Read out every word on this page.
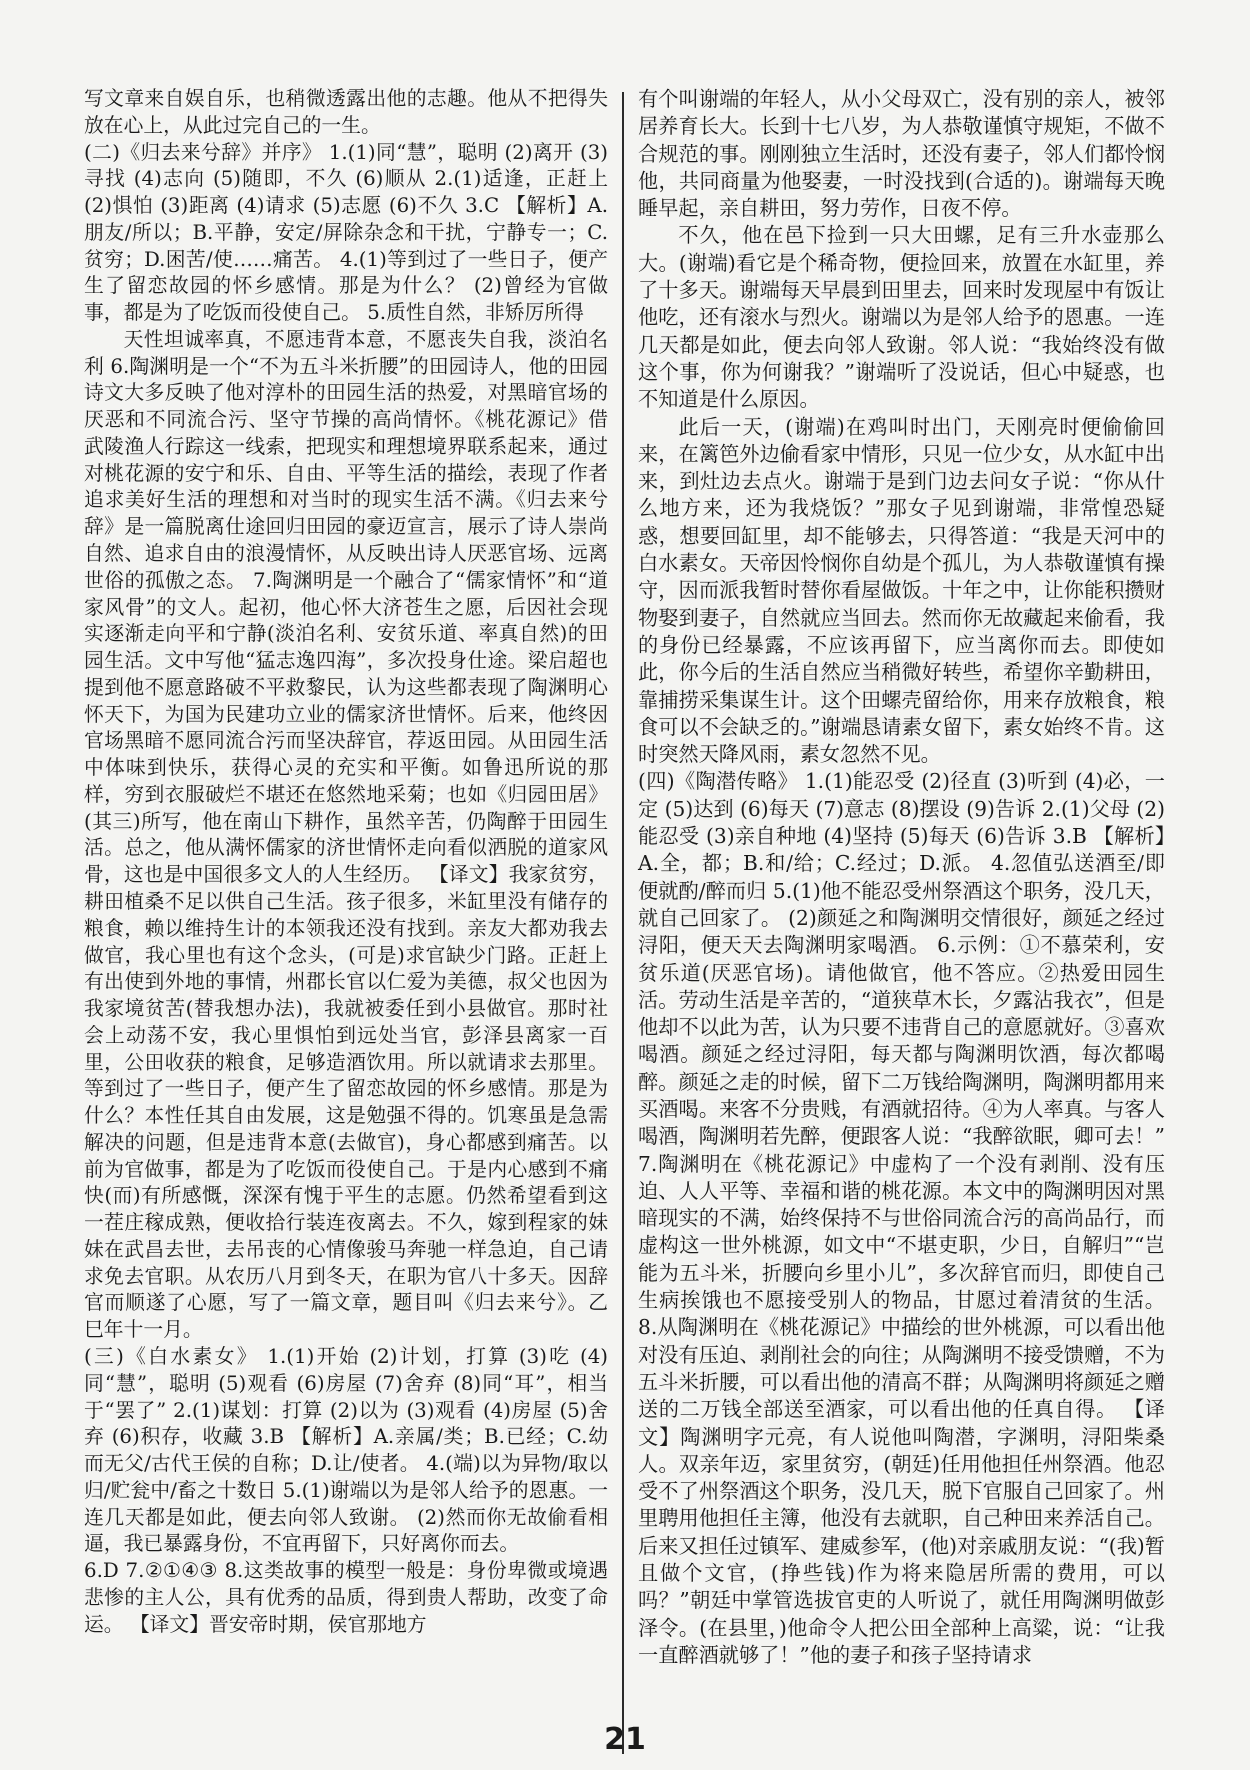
写文章来自娱自乐，也稍微透露出他的志趣。他从不把得失放在心上，从此过完自己的一生。

(二)《归去来兮辞》并序》 1.(1)同“慧”，聪明 (2)离开 (3)寻找 (4)志向 (5)随即，不久 (6)顺从 2.(1)适逢，正赶上 (2)惧怕 (3)距离 (4)请求 (5)志愿 (6)不久 3.C 【解析】A.朋友/所以；B.平静，安定/屏除杂念和干扰，宁静专一；C.贫穷；D.困苦/使……痛苦。 4.(1)等到过了一些日子，便产生了留恋故园的怀乡感情。那是为什么？ (2)曾经为官做事，都是为了吃饭而役使自己。 5.质性自然，非矫厉所得

天性坦诚率真，不愿违背本意，不愿丧失自我，淡泊名利 6.陶渊明是一个“不为五斗米折腰”的田园诗人，他的田园诗文大多反映了他对淳朴的田园生活的热爱，对黑暗官场的厌恶和不同流合污、坚守节操的高尚情怀。《桃花源记》借武陵渔人行踪这一线索，把现实和理想境界联系起来，通过对桃花源的安宁和乐、自由、平等生活的描绘，表现了作者追求美好生活的理想和对当时的现实生活不满。《归去来兮辞》是一篇脱离仕途回归田园的豪迈宣言，展示了诗人崇尚自然、追求自由的浪漫情怀，从反映出诗人厌恶官场、远离世俗的孤傲之态。 7.陶渊明是一个融合了“儒家情怀”和“道家风骨”的文人。起初，他心怀大济苍生之愿，后因社会现实逐渐走向平和宁静(淡泊名利、安贫乐道、率真自然)的田园生活。文中写他“猛志逸四海”，多次投身仕途。梁启超也提到他不愿意路破不平救黎民，认为这些都表现了陶渊明心怀天下，为国为民建功立业的儒家济世情怀。后来，他终因官场黑暗不愿同流合污而坚决辞官，荐返田园。从田园生活中体味到快乐，获得心灵的充实和平衡。如鲁迅所说的那样，穷到衣服破烂不堪还在悠然地采菊；也如《归园田居》(其三)所写，他在南山下耕作，虽然辛苦，仍陶醉于田园生活。总之，他从满怀儒家的济世情怀走向看似洒脱的道家风骨，这也是中国很多文人的人生经历。 【译文】我家贫穷，耕田植桑不足以供自己生活。孩子很多，米缸里没有储存的粮食，赖以维持生计的本领我还没有找到。亲友大都劝我去做官，我心里也有这个念头，(可是)求官缺少门路。正赶上有出使到外地的事情，州郡长官以仁爱为美德，叔父也因为我家境贫苦(替我想办法)，我就被委任到小县做官。那时社会上动荡不安，我心里惧怕到远处当官，彭泽县离家一百里，公田收获的粮食，足够造酒饮用。所以就请求去那里。等到过了一些日子，便产生了留恋故园的怀乡感情。那是为什么？本性任其自由发展，这是勉强不得的。饥寒虽是急需解决的问题，但是违背本意(去做官)，身心都感到痛苦。以前为官做事，都是为了吃饭而役使自己。于是内心感到不痛快(而)有所感慨，深深有愧于平生的志愿。仍然希望看到这一茬庄稼成熟，便收拾行装连夜离去。不久，嫁到程家的妹妹在武昌去世，去吊丧的心情像骏马奔驰一样急迫，自己请求免去官职。从农历八月到冬天，在职为官八十多天。因辞官而顺遂了心愿，写了一篇文章，题目叫《归去来兮》。乙巳年十一月。

(三)《白水素女》 1.(1)开始 (2)计划，打算 (3)吃 (4)同“慧”，聪明 (5)观看 (6)房屋 (7)舍弃 (8)同“耳”，相当于“罢了” 2.(1)谋划：打算 (2)以为 (3)观看 (4)房屋 (5)舍弃 (6)积存，收藏 3.B 【解析】A.亲属/类；B.已经；C.幼而无父/古代王侯的自称；D.让/使者。 4.(端)以为异物/取以归/贮瓮中/畜之十数日 5.(1)谢端以为是邻人给予的恩惠。一连几天都是如此，便去向邻人致谢。 (2)然而你无故偷看相逼，我已暴露身份，不宜再留下，只好离你而去。

6.D 7.②①④③ 8.这类故事的模型一般是：身份卑微或境遇悲惨的主人公，具有优秀的品质，得到贵人帮助，改变了命运。 【译文】晋安帝时期，侯官那地方

有个叫谢端的年轻人，从小父母双亡，没有别的亲人，被邻居养育长大。长到十七八岁，为人恭敬谨慎守规矩，不做不合规范的事。刚刚独立生活时，还没有妻子，邻人们都怜悯他，共同商量为他娶妻，一时没找到(合适的)。谢端每天晚睡早起，亲自耕田，努力劳作，日夜不停。

不久，他在邑下捡到一只大田螺，足有三升水壶那么大。(谢端)看它是个稀奇物，便捡回来，放置在水缸里，养了十多天。谢端每天早晨到田里去，回来时发现屋中有饭让他吃，还有滚水与烈火。谢端以为是邻人给予的恩惠。一连几天都是如此，便去向邻人致谢。邻人说：“我始终没有做这个事，你为何谢我？”谢端听了没说话，但心中疑惑，也不知道是什么原因。

此后一天，(谢端)在鸡叫时出门，天刚亮时便偷偷回来，在篱笆外边偷看家中情形，只见一位少女，从水缸中出来，到灶边去点火。谢端于是到门边去问女子说：“你从什么地方来，还为我烧饭？”那女子见到谢端，非常惶恐疑惑，想要回缸里，却不能够去，只得答道：“我是天河中的白水素女。天帝因怜悯你自幼是个孤儿，为人恭敬谨慎有操守，因而派我暂时替你看屋做饭。十年之中，让你能积攒财物娶到妻子，自然就应当回去。然而你无故藏起来偷看，我的身份已经暴露，不应该再留下，应当离你而去。即使如此，你今后的生活自然应当稍微好转些，希望你辛勤耕田，靠捕捞采集谋生计。这个田螺壳留给你，用来存放粮食，粮食可以不会缺乏的。”谢端恳请素女留下，素女始终不肯。这时突然天降风雨，素女忽然不见。

(四)《陶潜传略》 1.(1)能忍受 (2)径直 (3)听到 (4)必，一定 (5)达到 (6)每天 (7)意志 (8)摆设 (9)告诉 2.(1)父母 (2)能忍受 (3)亲自种地 (4)坚持 (5)每天 (6)告诉 3.B 【解析】A.全，都；B.和/给；C.经过；D.派。 4.忽值弘送酒至/即便就酌/醉而归 5.(1)他不能忍受州祭酒这个职务，没几天，就自己回家了。 (2)颜延之和陶渊明交情很好，颜延之经过浔阳，便天天去陶渊明家喝酒。 6.示例：①不慕荣利，安贫乐道(厌恶官场)。请他做官，他不答应。②热爱田园生活。劳动生活是辛苦的，“道狭草木长，夕露沾我衣”，但是他却不以此为苦，认为只要不违背自己的意愿就好。③喜欢喝酒。颜延之经过浔阳，每天都与陶渊明饮酒，每次都喝醉。颜延之走的时候，留下二万钱给陶渊明，陶渊明都用来买酒喝。来客不分贵贱，有酒就招待。④为人率真。与客人喝酒，陶渊明若先醉，便跟客人说：“我醉欲眠，卿可去！” 7.陶渊明在《桃花源记》中虚构了一个没有剥削、没有压迫、人人平等、幸福和谐的桃花源。本文中的陶渊明因对黑暗现实的不满，始终保持不与世俗同流合污的高尚品行，而虚构这一世外桃源，如文中“不堪吏职，少日，自解归”“岂能为五斗米，折腰向乡里小儿”，多次辞官而归，即使自己生病挨饿也不愿接受别人的物品，甘愿过着清贫的生活。 8.从陶渊明在《桃花源记》中描绘的世外桃源，可以看出他对没有压迫、剥削社会的向往；从陶渊明不接受馈赠，不为五斗米折腰，可以看出他的清高不群；从陶渊明将颜延之赠送的二万钱全部送至酒家，可以看出他的任真自得。 【译文】陶渊明字元亮，有人说他叫陶潜，字渊明，浔阳柴桑人。双亲年迈，家里贫穷，(朝廷)任用他担任州祭酒。他忍受不了州祭酒这个职务，没几天，脱下官服自己回家了。州里聘用他担任主簿，他没有去就职，自己种田来养活自己。后来又担任过镇军、建威参军，(他)对亲戚朋友说：“(我)暂且做个文官，(挣些钱)作为将来隐居所需的费用，可以吗？”朝廷中掌管选拔官吏的人听说了，就任用陶渊明做彭泽令。(在县里，)他命令人把公田全部种上高粱，说：“让我一直醉酒就够了！”他的妻子和孩子坚持请求

21
